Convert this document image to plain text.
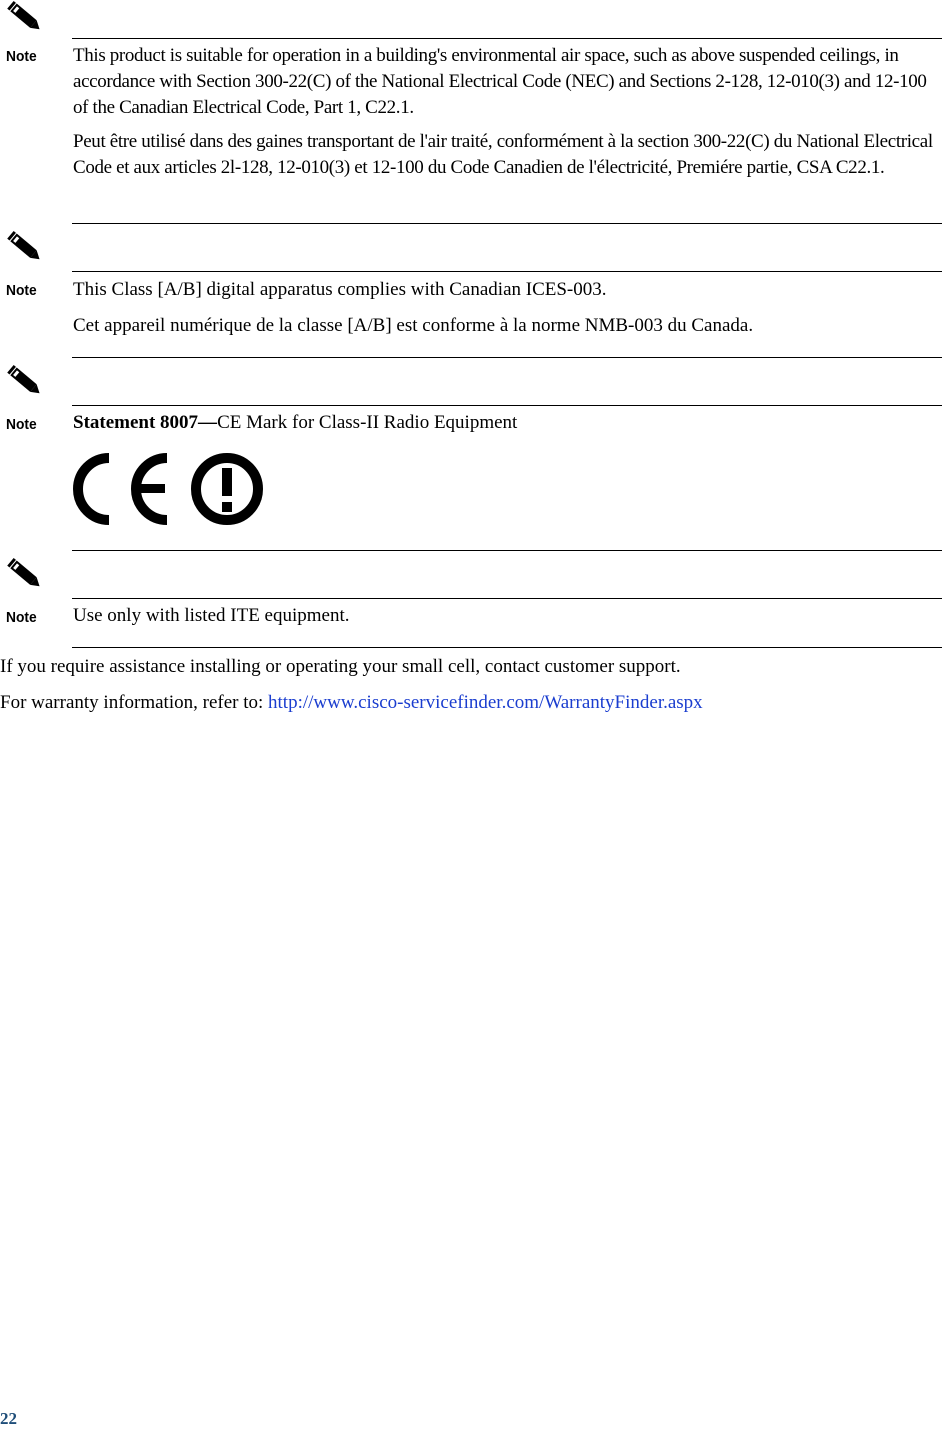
Note This product is suitable for operation in a building's environmental air space, such as above suspended ceilings, in accordance with Section 300-22(C) of the National Electrical Code (NEC) and Sections 2-128, 12-010(3) and 12-100 of the Canadian Electrical Code, Part 1, C22.1.

Peut être utilisé dans des gaines transportant de l'air traité, conformément à la section 300-22(C) du National Electrical Code et aux articles 2l-128, 12-010(3) et 12-100 du Code Canadien de l'électricité, Premiére partie, CSA C22.1.

Note This Class [A/B] digital apparatus complies with Canadian ICES-003.

Cet appareil numérique de la classe [A/B] est conforme à la norme NMB-003 du Canada.

Note Statement 8007—CE Mark for Class-II Radio Equipment

Note Use only with listed ITE equipment.

If you require assistance installing or operating your small cell, contact customer support.
For warranty information, refer to: http://www.cisco-servicefinder.com/WarrantyFinder.aspx
22
